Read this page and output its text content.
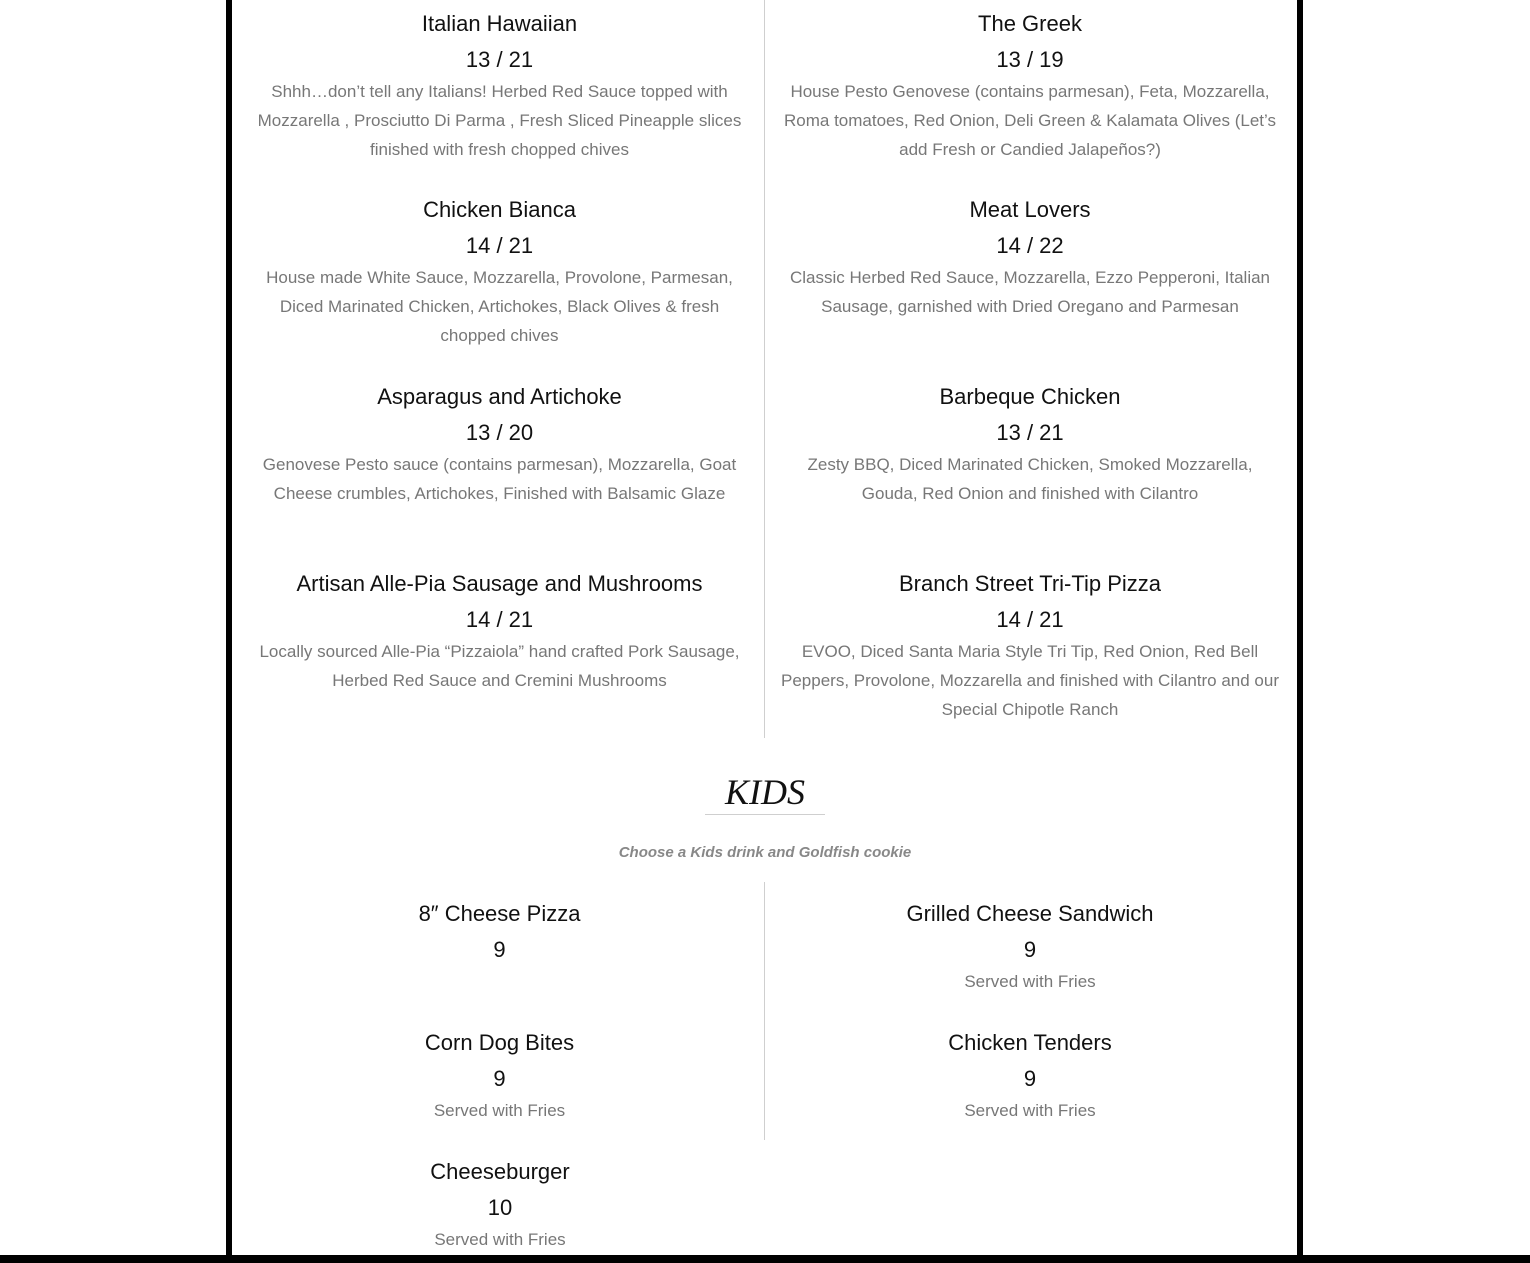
Italian Hawaiian
13 / 21
Shhh…don’t tell any Italians! Herbed Red Sauce topped with Mozzarella , Prosciutto Di Parma , Fresh Sliced Pineapple slices finished with fresh chopped chives
Chicken Bianca
14 / 21
House made White Sauce, Mozzarella, Provolone, Parmesan, Diced Marinated Chicken, Artichokes, Black Olives & fresh chopped chives
Asparagus and Artichoke
13 / 20
Genovese Pesto sauce (contains parmesan), Mozzarella, Goat Cheese crumbles, Artichokes, Finished with Balsamic Glaze
Artisan Alle-Pia Sausage and Mushrooms
14 / 21
Locally sourced Alle-Pia “Pizzaiola” hand crafted Pork Sausage, Herbed Red Sauce and Cremini Mushrooms
The Greek
13 / 19
House Pesto Genovese (contains parmesan), Feta, Mozzarella, Roma tomatoes, Red Onion, Deli Green & Kalamata Olives (Let’s add Fresh or Candied Jalapeños?)
Meat Lovers
14 / 22
Classic Herbed Red Sauce, Mozzarella, Ezzo Pepperoni, Italian Sausage, garnished with Dried Oregano and Parmesan
Barbeque Chicken
13 / 21
Zesty BBQ, Diced Marinated Chicken, Smoked Mozzarella, Gouda, Red Onion and finished with Cilantro
Branch Street Tri-Tip Pizza
14 / 21
EVOO, Diced Santa Maria Style Tri Tip, Red Onion, Red Bell Peppers, Provolone, Mozzarella and finished with Cilantro and our Special Chipotle Ranch
KIDS
Choose a Kids drink and Goldfish cookie
8″ Cheese Pizza
9
Corn Dog Bites
9
Served with Fries
Cheeseburger
10
Served with Fries
Grilled Cheese Sandwich
9
Served with Fries
Chicken Tenders
9
Served with Fries
